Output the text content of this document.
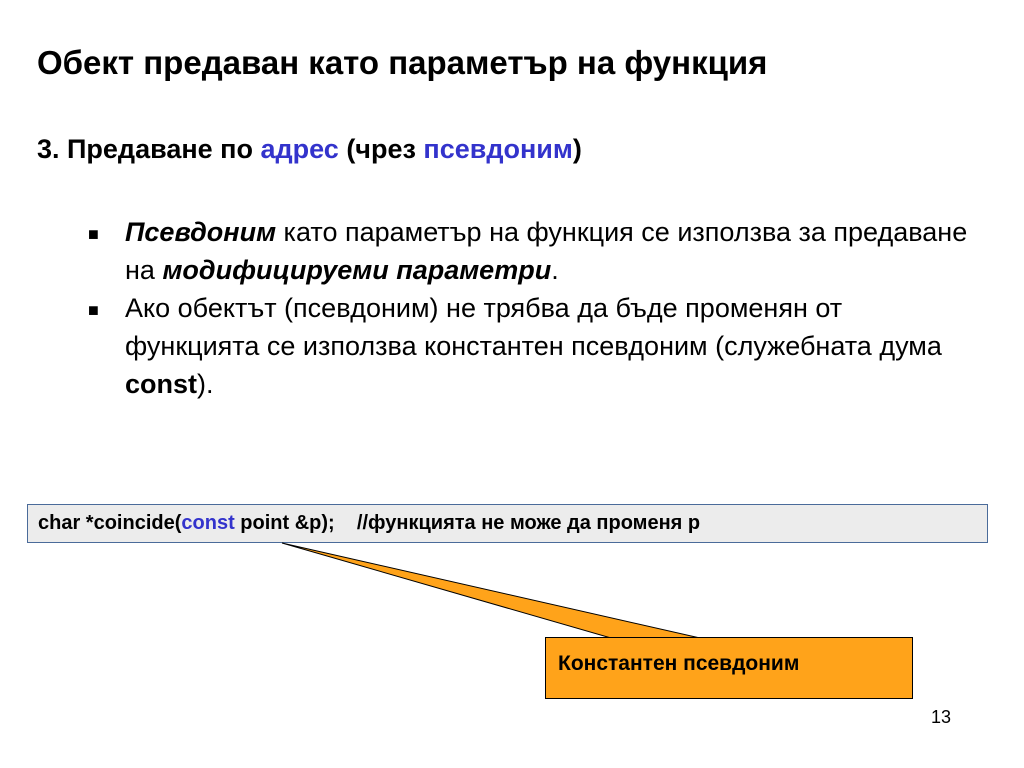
Обект предаван като параметър на функция
3. Предаване по адрес (чрез псевдоним)
■ Псевдоним като параметър на функция се използва за предаване на модифицируеми параметри.
■ Ако обектът (псевдоним) не трябва да бъде променян от функцията се използва константен псевдоним (служебната дума const).
char *coincide(const point &p);    //функцията не може да променя p
Константен псевдоним
13
